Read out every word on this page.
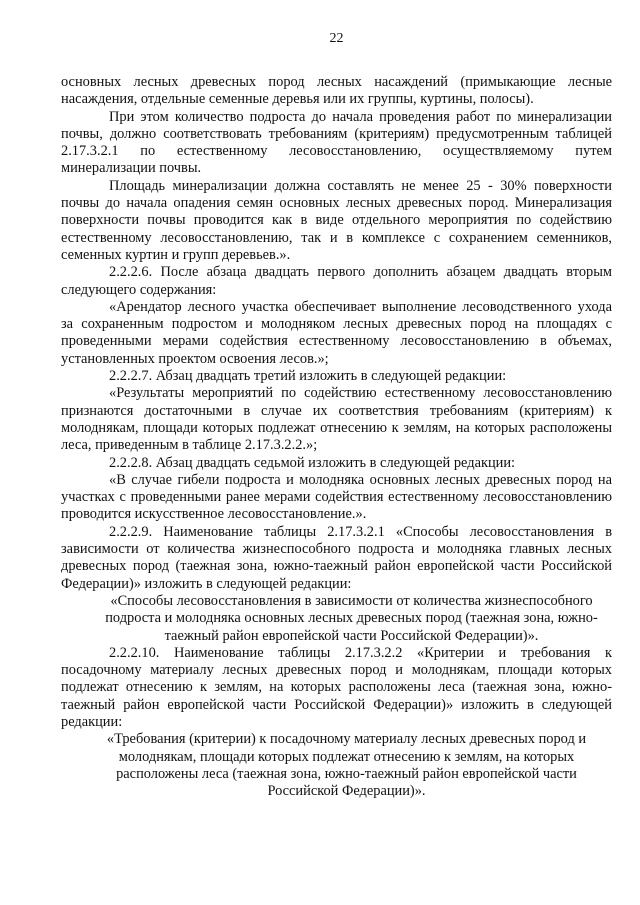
22

основных лесных древесных пород лесных насаждений (примыкающие лесные насаждения, отдельные семенные деревья или их группы, куртины, полосы).

При этом количество подроста до начала проведения работ по минерализации почвы, должно соответствовать требованиям (критериям) предусмотренным таблицей 2.17.3.2.1 по естественному лесовосстановлению, осуществляемому путем минерализации почвы.

Площадь минерализации должна составлять не менее 25 - 30% поверхности почвы до начала опадения семян основных лесных древесных пород. Минерализация поверхности почвы проводится как в виде отдельного мероприятия по содействию естественному лесовосстановлению, так и в комплексе с сохранением семенников, семенных куртин и групп деревьев.».

2.2.2.6. После абзаца двадцать первого дополнить абзацем двадцать вторым следующего содержания:

«Арендатор лесного участка обеспечивает выполнение лесоводственного ухода за сохраненным подростом и молодняком лесных древесных пород на площадях с проведенными мерами содействия естественному лесовосстановлению в объемах, установленных проектом освоения лесов.»;

2.2.2.7. Абзац двадцать третий изложить в следующей редакции:

«Результаты мероприятий по содействию естественному лесовосстановлению признаются достаточными в случае их соответствия требованиям (критериям) к молоднякам, площади которых подлежат отнесению к землям, на которых расположены леса, приведенным в таблице 2.17.3.2.2.»;

2.2.2.8. Абзац двадцать седьмой изложить в следующей редакции:

«В случае гибели подроста и молодняка основных лесных древесных пород на участках с проведенными ранее мерами содействия естественному лесовосстановлению проводится искусственное лесовосстановление.».

2.2.2.9. Наименование таблицы 2.17.3.2.1 «Способы лесовосстановления в зависимости от количества жизнеспособного подроста и молодняка главных лесных древесных пород (таежная зона, южно-таежный район европейской части Российской Федерации)» изложить в следующей редакции:

«Способы лесовосстановления в зависимости от количества жизнеспособного подроста и молодняка основных лесных древесных пород (таежная зона, южно-таежный район европейской части Российской Федерации)».

2.2.2.10. Наименование таблицы 2.17.3.2.2 «Критерии и требования к посадочному материалу лесных древесных пород и молоднякам, площади которых подлежат отнесению к землям, на которых расположены леса (таежная зона, южно-таежный район европейской части Российской Федерации)» изложить в следующей редакции:

«Требования (критерии) к посадочному материалу лесных древесных пород и молоднякам, площади которых подлежат отнесению к землям, на которых расположены леса (таежная зона, южно-таежный район европейской части Российской Федерации)».
